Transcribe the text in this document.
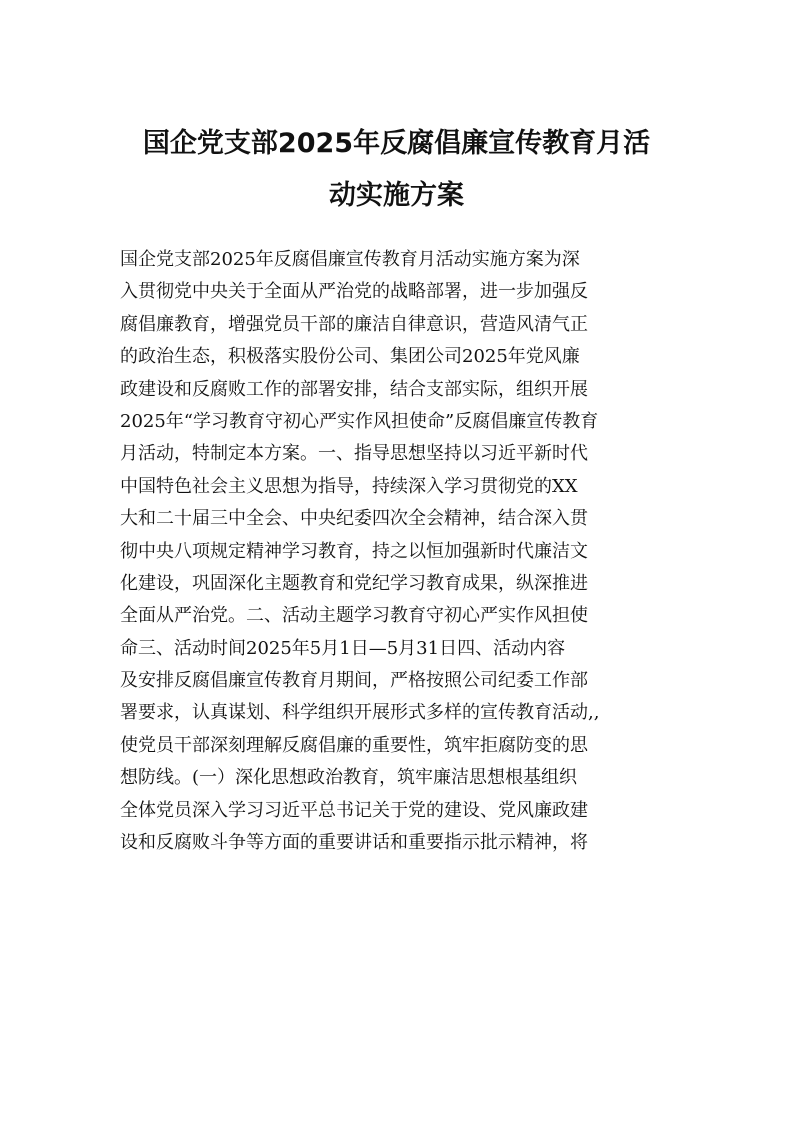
国企党支部2025年反腐倡廉宣传教育月活
动实施方案
国企党支部2025年反腐倡廉宣传教育月活动实施方案为深
入贯彻党中央关于全面从严治党的战略部署，进一步加强反
腐倡廉教育，增强党员干部的廉洁自律意识，营造风清气正
的政治生态，积极落实股份公司、集团公司2025年党风廉
政建设和反腐败工作的部署安排，结合支部实际，组织开展
2025年“学习教育守初心严实作风担使命”反腐倡廉宣传教育
月活动，特制定本方案。一、指导思想坚持以习近平新时代
中国特色社会主义思想为指导，持续深入学习贯彻党的XX
大和二十届三中全会、中央纪委四次全会精神，结合深入贯
彻中央八项规定精神学习教育，持之以恒加强新时代廉洁文
化建设，巩固深化主题教育和党纪学习教育成果，纵深推进
全面从严治党。二、活动主题学习教育守初心严实作风担使
命三、活动时间2025年5月1日—5月31日四、活动内容
及安排反腐倡廉宣传教育月期间，严格按照公司纪委工作部
署要求，认真谋划、科学组织开展形式多样的宣传教育活动,,
使党员干部深刻理解反腐倡廉的重要性，筑牢拒腐防变的思
想防线。(一）深化思想政治教育，筑牢廉洁思想根基组织
全体党员深入学习习近平总书记关于党的建设、党风廉政建
设和反腐败斗争等方面的重要讲话和重要指示批示精神，将
